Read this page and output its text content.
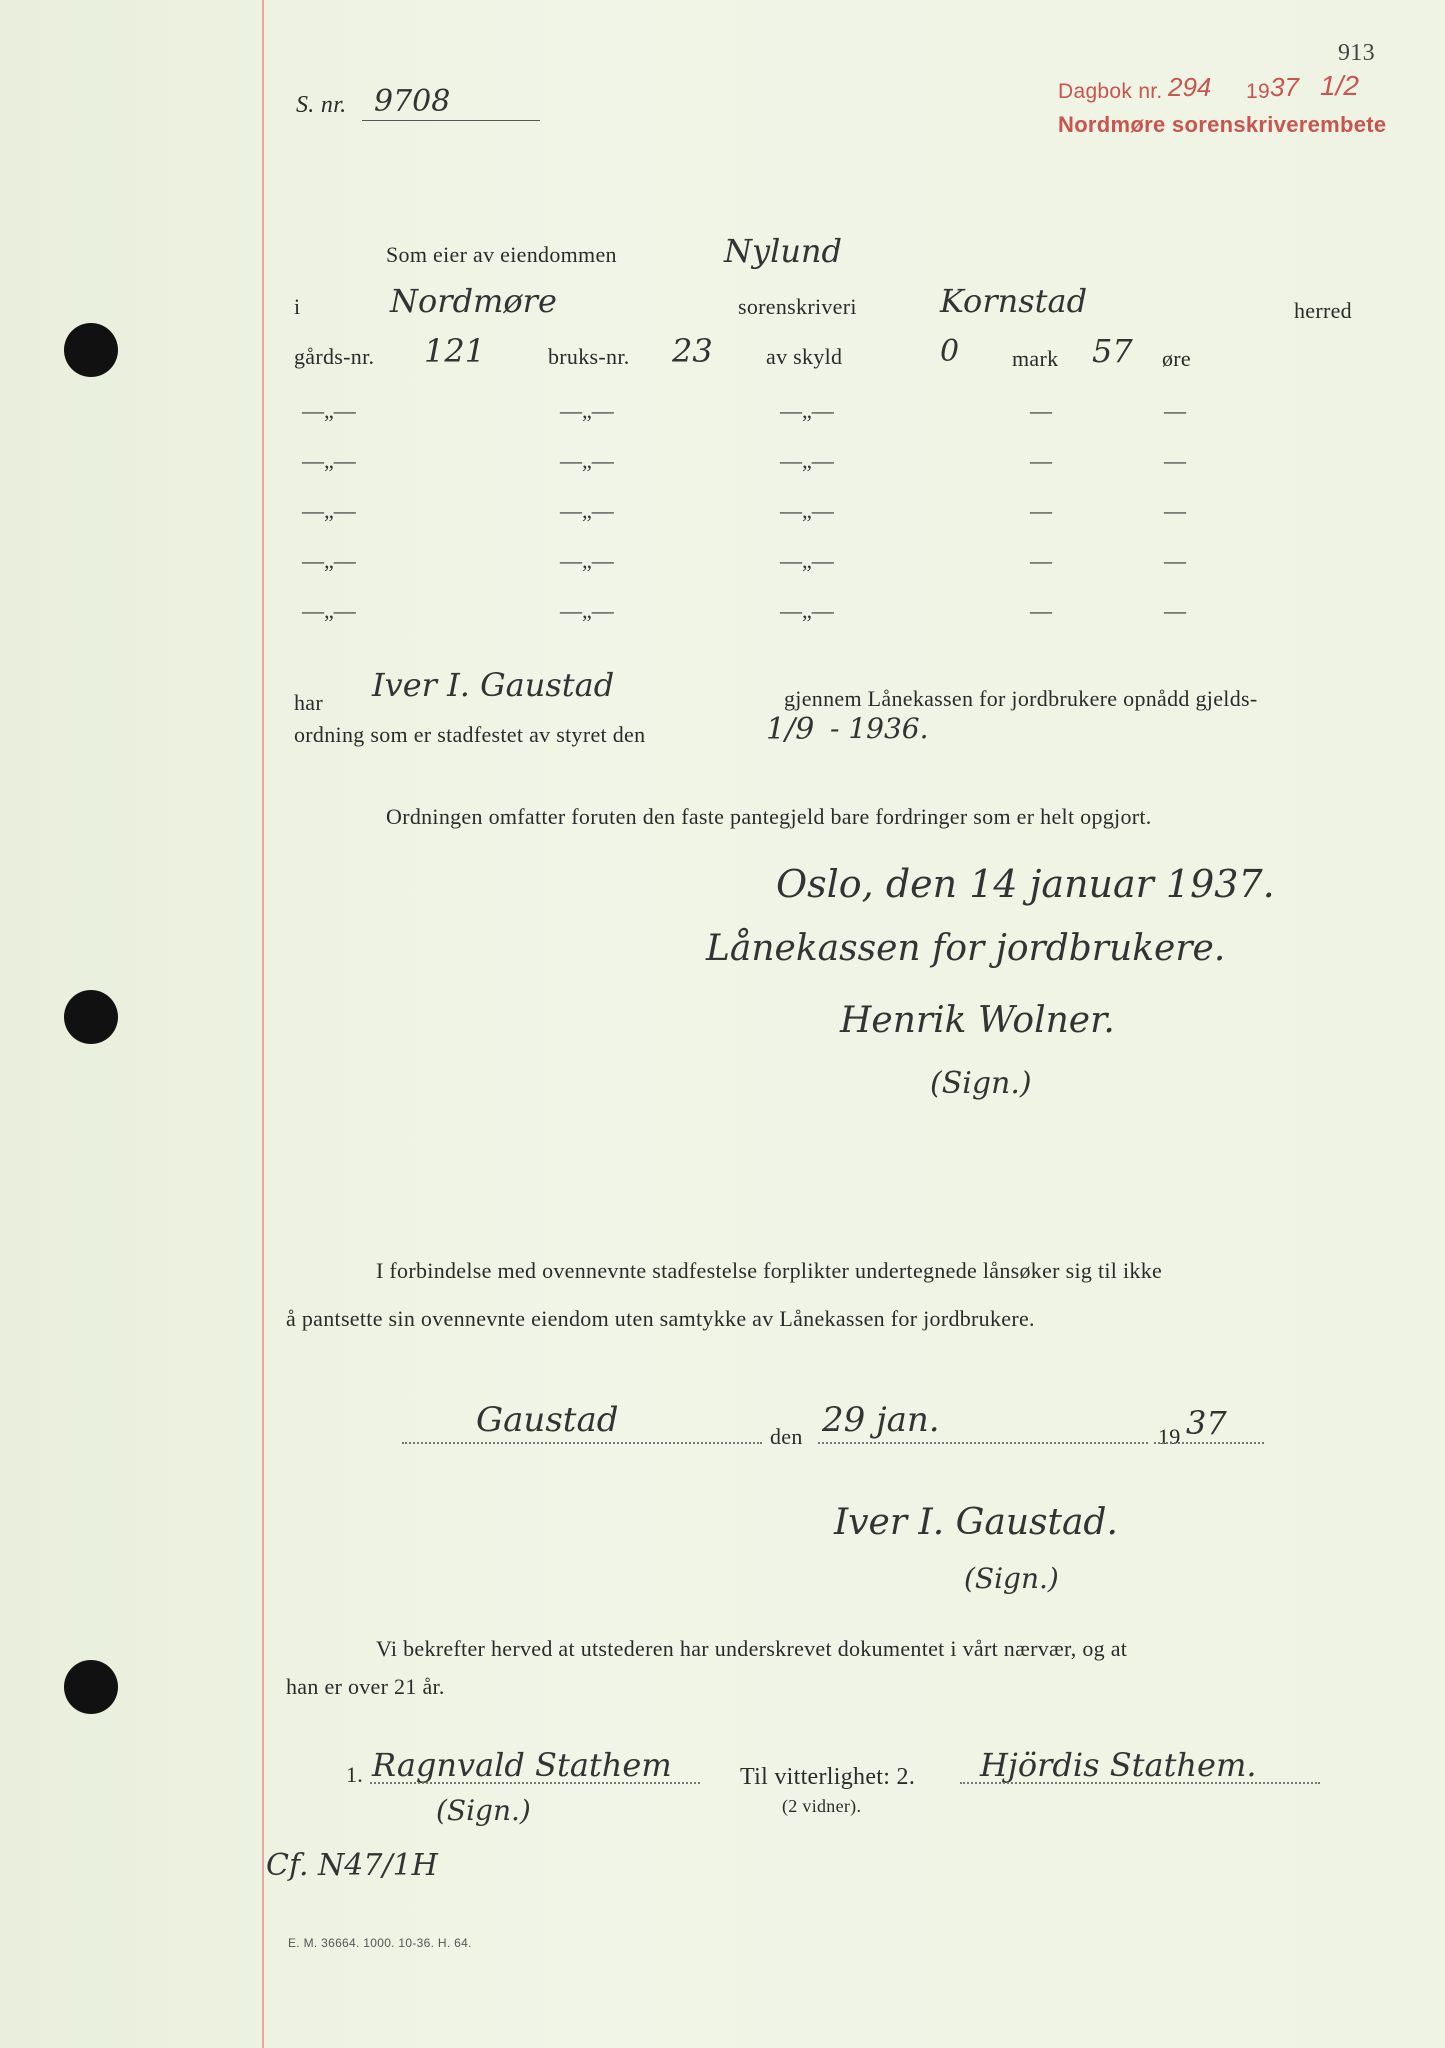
S. nr. 9708	Dagbok nr. 294 19 37 1/2
913
Nordmøre sorenskriverembete
Som eier av eiendommen	Nylund
i	Nordmøre	sorenskriveri	Kornstad	herred
gårds-nr. 121	bruks-nr. 23 av skyld	0 mark 57 øre
—„—	—„—	—„—	—	—
—„—	—„—	—„—	—	—
—„—	—„—	—„—	—	—
—„—	—„—	—„—	—	—
—„—	—„—	—„—	—	—
har Iver I. Gaustad	gjennem Lånekassen for jordbrukere opnådd gjelds-
ordning som er stadfestet av styret den	1/9 - 1936.
Ordningen omfatter foruten den faste pantegjeld bare fordringer som er helt opgjort.
Oslo, den 14 januar 1937.
Lånekassen for jordbrukere.
Henrik Wolner.
(Sign.)
I forbindelse med ovennevnte stadfestelse forplikter undertegnede lånsøker sig til ikke
å pantsette sin ovennevnte eiendom uten samtykke av Lånekassen for jordbrukere.
Gaustad	den 29 jan.	19 37
Iver I. Gaustad.
(Sign.)
Vi bekrefter herved at utstederen har underskrevet dokumentet i vårt nærvær, og at
han er over 21 år.
1. Ragnvald Stathem
(Sign.)
Til vitterlighet: 2. Hjördis Stathem.
(2 vidner).
Cf. N47/1H
E. M. 36664. 1000. 10-36. H. 64.
